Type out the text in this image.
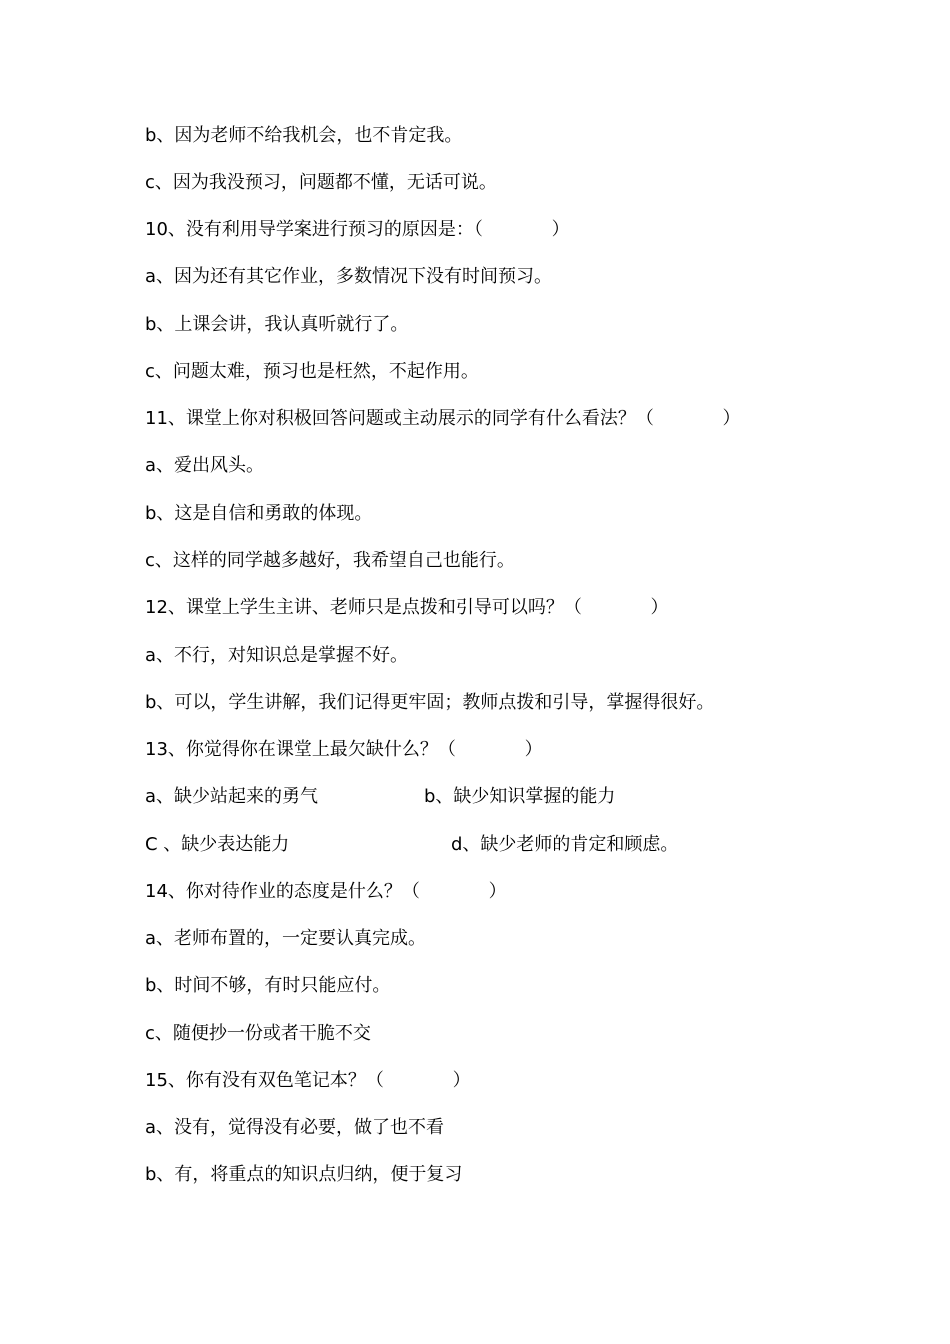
b、因为老师不给我机会，也不肯定我。
c、因为我没预习，问题都不懂，无话可说。
10、没有利用导学案进行预习的原因是：（            ）
a、因为还有其它作业，多数情况下没有时间预习。
b、上课会讲，我认真听就行了。
c、问题太难，预习也是枉然，不起作用。
11、课堂上你对积极回答问题或主动展示的同学有什么看法？（            ）
a、爱出风头。
b、这是自信和勇敢的体现。
c、这样的同学越多越好，我希望自己也能行。
12、课堂上学生主讲、老师只是点拨和引导可以吗？（            ）
a、不行，对知识总是掌握不好。
b、可以，学生讲解，我们记得更牢固；教师点拨和引导，掌握得很好。
13、你觉得你在课堂上最欠缺什么？（            ）
a、缺少站起来的勇气	b、缺少知识掌握的能力
C 、缺少表达能力	d、缺少老师的肯定和顾虑。
14、你对待作业的态度是什么？（            ）
a、老师布置的，一定要认真完成。
b、时间不够，有时只能应付。
c、随便抄一份或者干脆不交
15、你有没有双色笔记本？（            ）
a、没有，觉得没有必要，做了也不看
b、有，将重点的知识点归纳，便于复习
